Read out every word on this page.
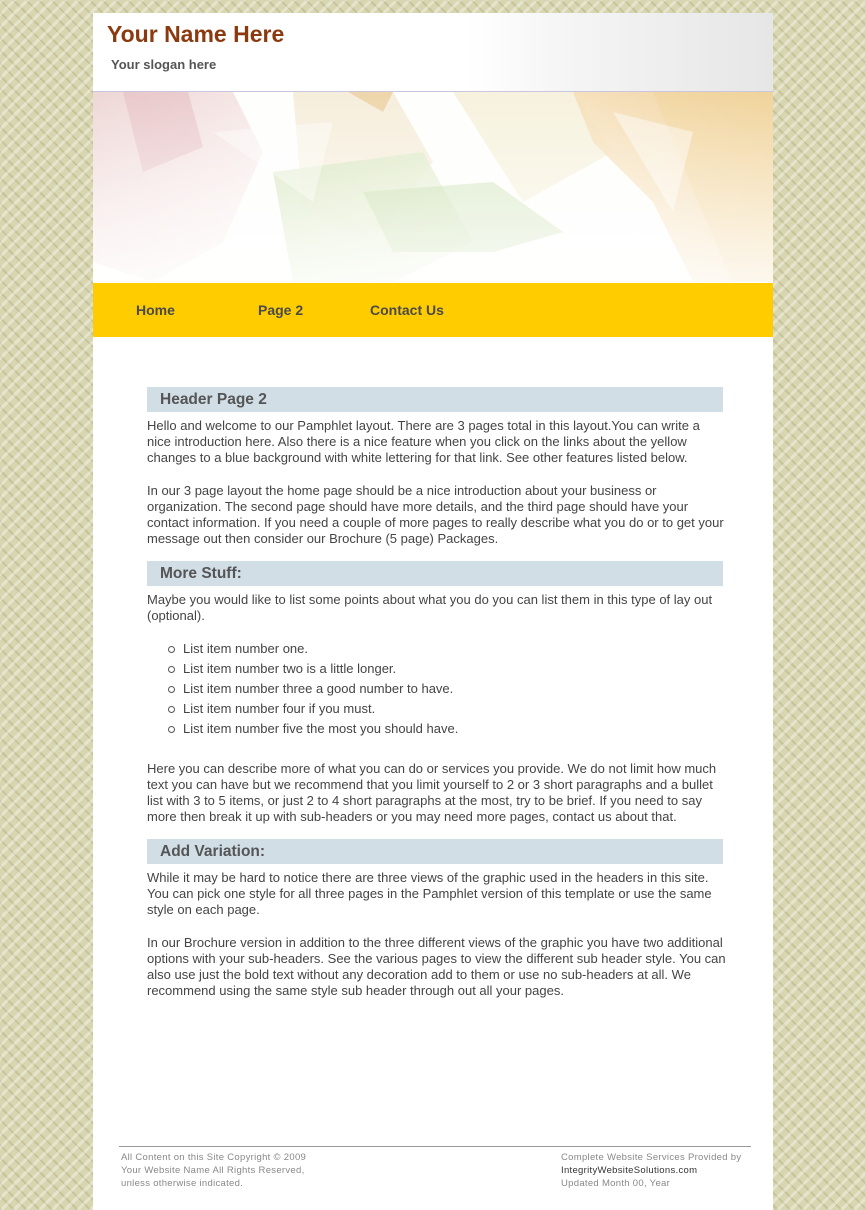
Your Name Here

Your slogan here

Home	Page 2	Contact Us
Header Page 2

Hello and welcome to our Pamphlet layout. There are 3 pages total in this layout.You can write a nice introduction here. Also there is a nice feature when you click on the links about the yellow changes to a blue background with white lettering for that link. See other features listed below.

In our 3 page layout the home page should be a nice introduction about your business or organization. The second page should have more details, and the third page should have your contact information. If you need a couple of more pages to really describe what you do or to get your message out then consider our Brochure (5 page) Packages.

More Stuff:

Maybe you would like to list some points about what you do you can list them in this type of lay out (optional).

List item number one.
List item number two is a little longer.
List item number three a good number to have.
List item number four if you must.
List item number five the most you should have.

Here you can describe more of what you can do or services you provide. We do not limit how much text you can have but we recommend that you limit yourself to 2 or 3 short paragraphs and a bullet list with 3 to 5 items, or just 2 to 4 short paragraphs at the most, try to be brief. If you need to say more then break it up with sub-headers or you may need more pages, contact us about that.

Add Variation:

While it may be hard to notice there are three views of the graphic used in the headers in this site. You can pick one style for all three pages in the Pamphlet version of this template or use the same style on each page.

In our Brochure version in addition to the three different views of the graphic you have two additional options with your sub-headers. See the various pages to view the different sub header style. You can also use just the bold text without any decoration add to them or use no sub-headers at all. We recommend using the same style sub header through out all your pages.

All Content on this Site Copyright © 2009
Your Website Name All Rights Reserved,
unless otherwise indicated.
Complete Website Services Provided by
IntegrityWebsiteSolutions.com
Updated Month 00, Year
